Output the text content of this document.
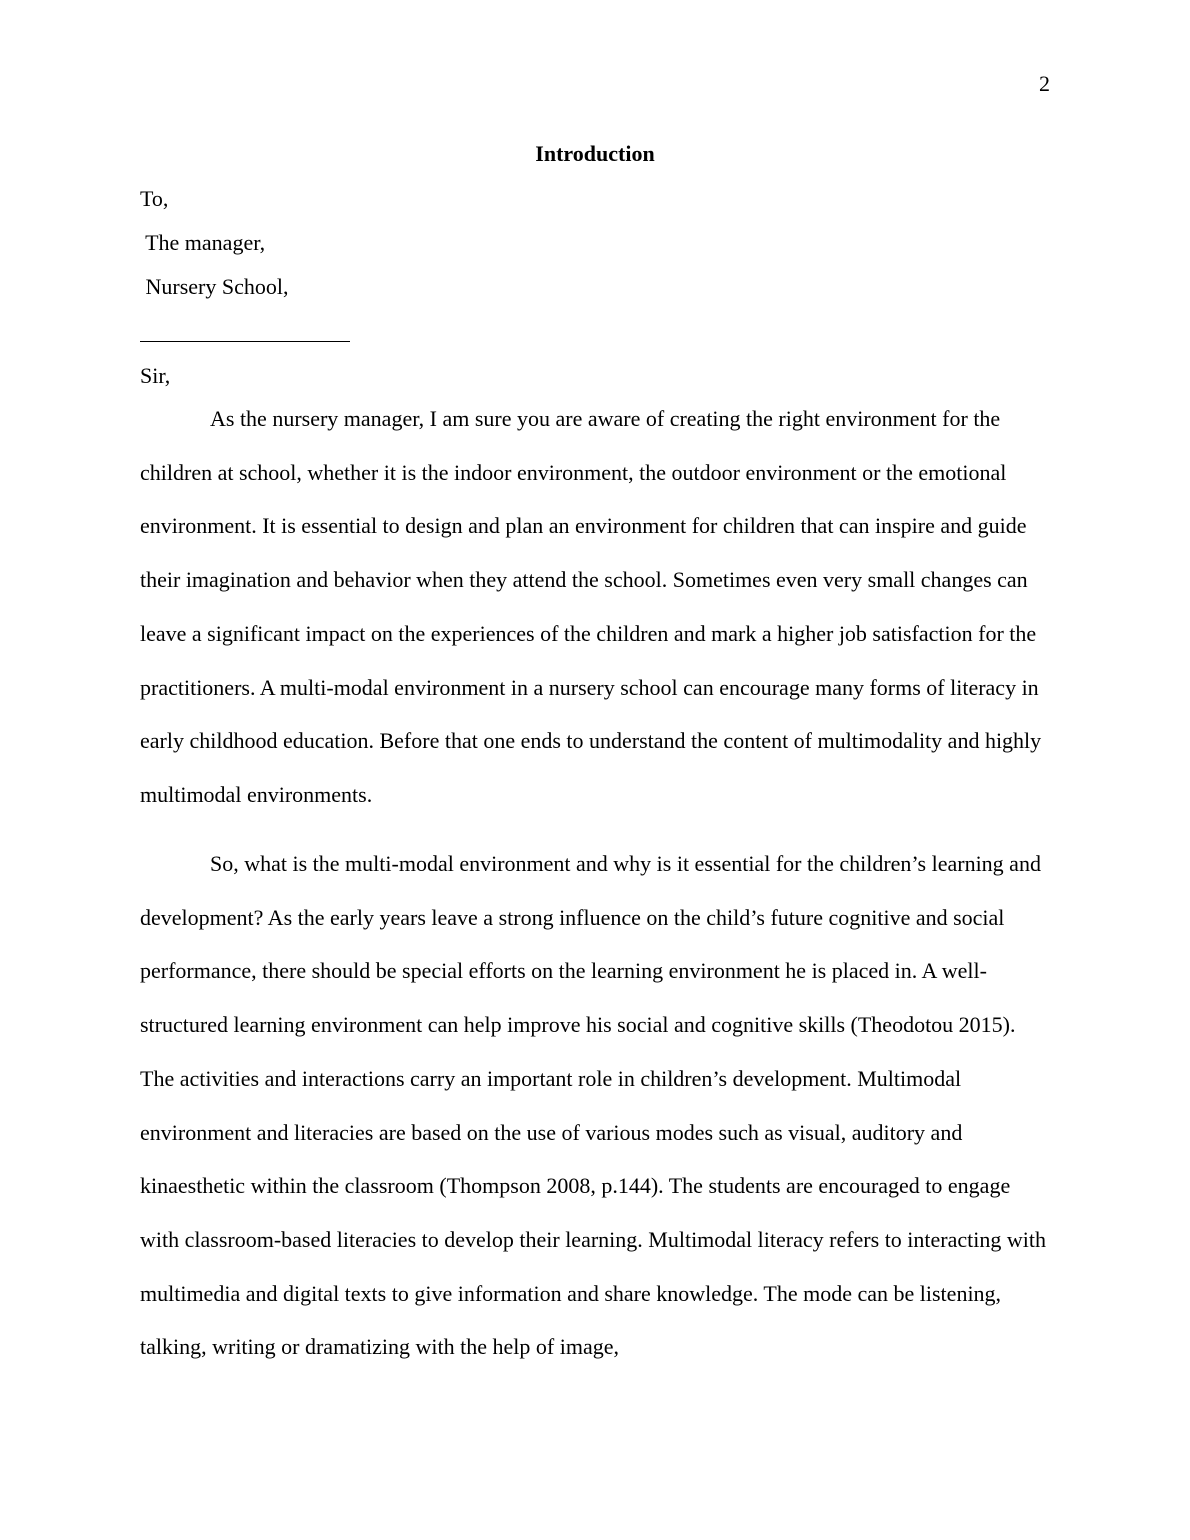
2
Introduction
To,
The manager,
Nursery School,
Sir,

As the nursery manager, I am sure you are aware of creating the right environment for the children at school, whether it is the indoor environment, the outdoor environment or the emotional environment. It is essential to design and plan an environment for children that can inspire and guide their imagination and behavior when they attend the school. Sometimes even very small changes can leave a significant impact on the experiences of the children and mark a higher job satisfaction for the practitioners. A multi-modal environment in a nursery school can encourage many forms of literacy in early childhood education. Before that one ends to understand the content of multimodality and highly multimodal environments.

So, what is the multi-modal environment and why is it essential for the children’s learning and development? As the early years leave a strong influence on the child’s future cognitive and social performance, there should be special efforts on the learning environment he is placed in. A well-structured learning environment can help improve his social and cognitive skills (Theodotou 2015). The activities and interactions carry an important role in children’s development. Multimodal environment and literacies are based on the use of various modes such as visual, auditory and kinaesthetic within the classroom (Thompson 2008, p.144). The students are encouraged to engage with classroom-based literacies to develop their learning. Multimodal literacy refers to interacting with multimedia and digital texts to give information and share knowledge. The mode can be listening, talking, writing or dramatizing with the help of image,
